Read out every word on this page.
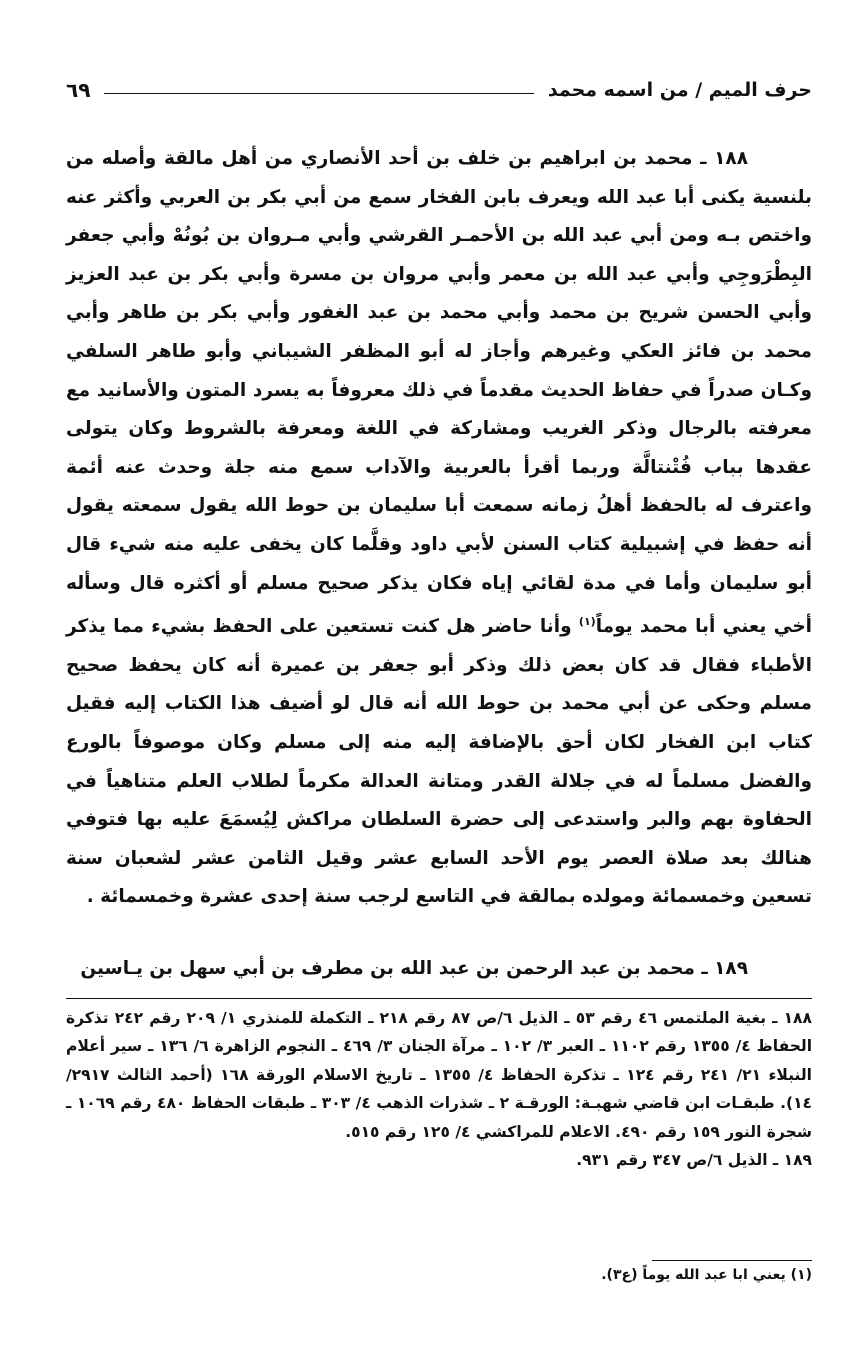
حرف الميم / من اسمه محمد
٦٩

١٨٨ ـ محمد بن ابراهيم بن خلف بن أحد الأنصاري من أهل مالقة وأصله من بلنسية يكنى أبا عبد الله ويعرف بابن الفخار سمع من أبي بكر بن العربي وأكثر عنه واختص بـه ومن أبي عبد الله بن الأحمـر القرشي وأبي مـروان بن بُونُهْ وأبي جعفر البِطْرَوجِي وأبي عبد الله بن معمر وأبي مروان بن مسرة وأبي بكر بن عبد العزيز وأبي الحسن شريح بن محمد وأبي محمد بن عبد الغفور وأبي بكر بن طاهر وأبي محمد بن فائز العكي وغيرهم وأجاز له أبو المظفر الشيباني وأبو طاهر السلفي وكـان صدراً في حفاظ الحديث مقدماً في ذلك معروفاً به يسرد المتون والأسانيد مع معرفته بالرجال وذكر الغريب ومشاركة في اللغة ومعرفة بالشروط وكان يتولى عقدها بباب فُتْنتالَّة وربما أقرأ بالعربية والآداب سمع منه جلة وحدث عنه أئمة واعترف له بالحفظ أهلُ زمانه سمعت أبا سليمان بن حوط الله يقول سمعته يقول أنه حفظ في إشبيلية كتاب السنن لأبي داود وقلَّما كان يخفى عليه منه شيء قال أبو سليمان وأما في مدة لقائي إياه فكان يذكر صحيح مسلم أو أكثره قال وسأله أخي يعني أبا محمد يوماً$^{(١)}$ وأنا حاضر هل كنت تستعين على الحفظ بشيء مما يذكر الأطباء فقال قد كان بعض ذلك وذكر أبو جعفر بن عميرة أنه كان يحفظ صحيح مسلم وحكى عن أبي محمد بن حوط الله أنه قال لو أضيف هذا الكتاب إليه فقيل كتاب ابن الفخار لكان أحق بالإضافة إليه منه إلى مسلم وكان موصوفاً بالورع والفضل مسلماً له في جلالة القدر ومتانة العدالة مكرماً لطلاب العلم متناهياً في الحفاوة بهم والبر واستدعى إلى حضرة السلطان مراكش لِيُسمَعَ عليه بها فتوفي هنالك بعد صلاة العصر يوم الأحد السابع عشر وقيل الثامن عشر لشعبان سنة تسعين وخمسمائة ومولده بمالقة في التاسع لرجب سنة إحدى عشرة وخمسمائة .

١٨٩ ـ محمد بن عبد الرحمن بن عبد الله بن مطرف بن أبي سهل بن يـاسين

١٨٨ ـ بغية الملتمس ٤٦ رقم ٥٣ ـ الذيل ٦/ص ٨٧ رقم ٢١٨ ـ التكملة للمنذري ١/ ٢٠٩ رقم ٢٤٢ تذكرة الحفاظ ٤/ ١٣٥٥ رقم ١١٠٢ ـ العبر ٣/ ١٠٢ ـ مرآة الجنان ٣/ ٤٦٩ ـ النجوم الزاهرة ٦/ ١٣٦ ـ سير أعلام النبلاء ٢١/ ٢٤١ رقم ١٢٤ ـ تذكرة الحفاظ ٤/ ١٣٥٥ ـ تاريخ الاسلام الورقة ١٦٨ (أحمد الثالث ٢٩١٧/ ١٤). طبقـات ابن قاضي شهبـة: الورقـة ٢ ـ شذرات الذهب ٤/ ٣٠٣ ـ طبقات الحفاظ ٤٨٠ رقم ١٠٦٩ ـ شجرة النور ١٥٩ رقم ٤٩٠. الاعلام للمراكشي ٤/ ١٢٥ رقم ٥١٥.

١٨٩ ـ الذيل ٦/ص ٣٤٧ رقم ٩٣١.

(١) يعني ابا عبد الله يوماً (ع٣).
